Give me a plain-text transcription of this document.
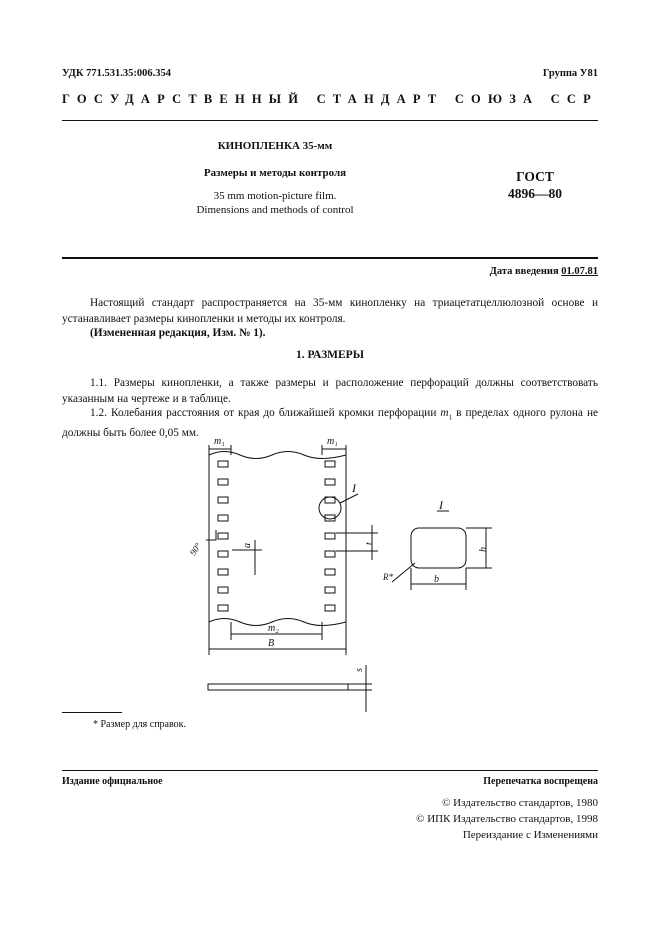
УДК 771.531.35:006.354	Группа У81
ГОСУДАРСТВЕННЫЙ СТАНДАРТ СОЮЗА ССР
КИНОПЛЕНКА 35-мм
Размеры и методы контроля
35 mm motion-picture film.
Dimensions and methods of control
ГОСТ
4896—80
Дата введения 01.07.81
Настоящий стандарт распространяется на 35-мм кинопленку на триацетатцеллюлозной основе и устанавливает размеры кинопленки и методы их контроля.
(Измененная редакция, Изм. № 1).
1. РАЗМЕРЫ
1.1. Размеры кинопленки, а также размеры и расположение перфораций должны соответствовать указанным на чертеже и в таблице.
1.2. Колебания расстояния от края до ближайшей кромки перфорации $m_1$ в пределах одного рулона не должны быть более 0,05 мм.
m₁	m₁
I
I
90°	a	t
h
R*	b
m₂
B
s
* Размер для справок.
Издание официальное	Перепечатка воспрещена
© Издательство стандартов, 1980
© ИПК Издательство стандартов, 1998
Переиздание с Изменениями
